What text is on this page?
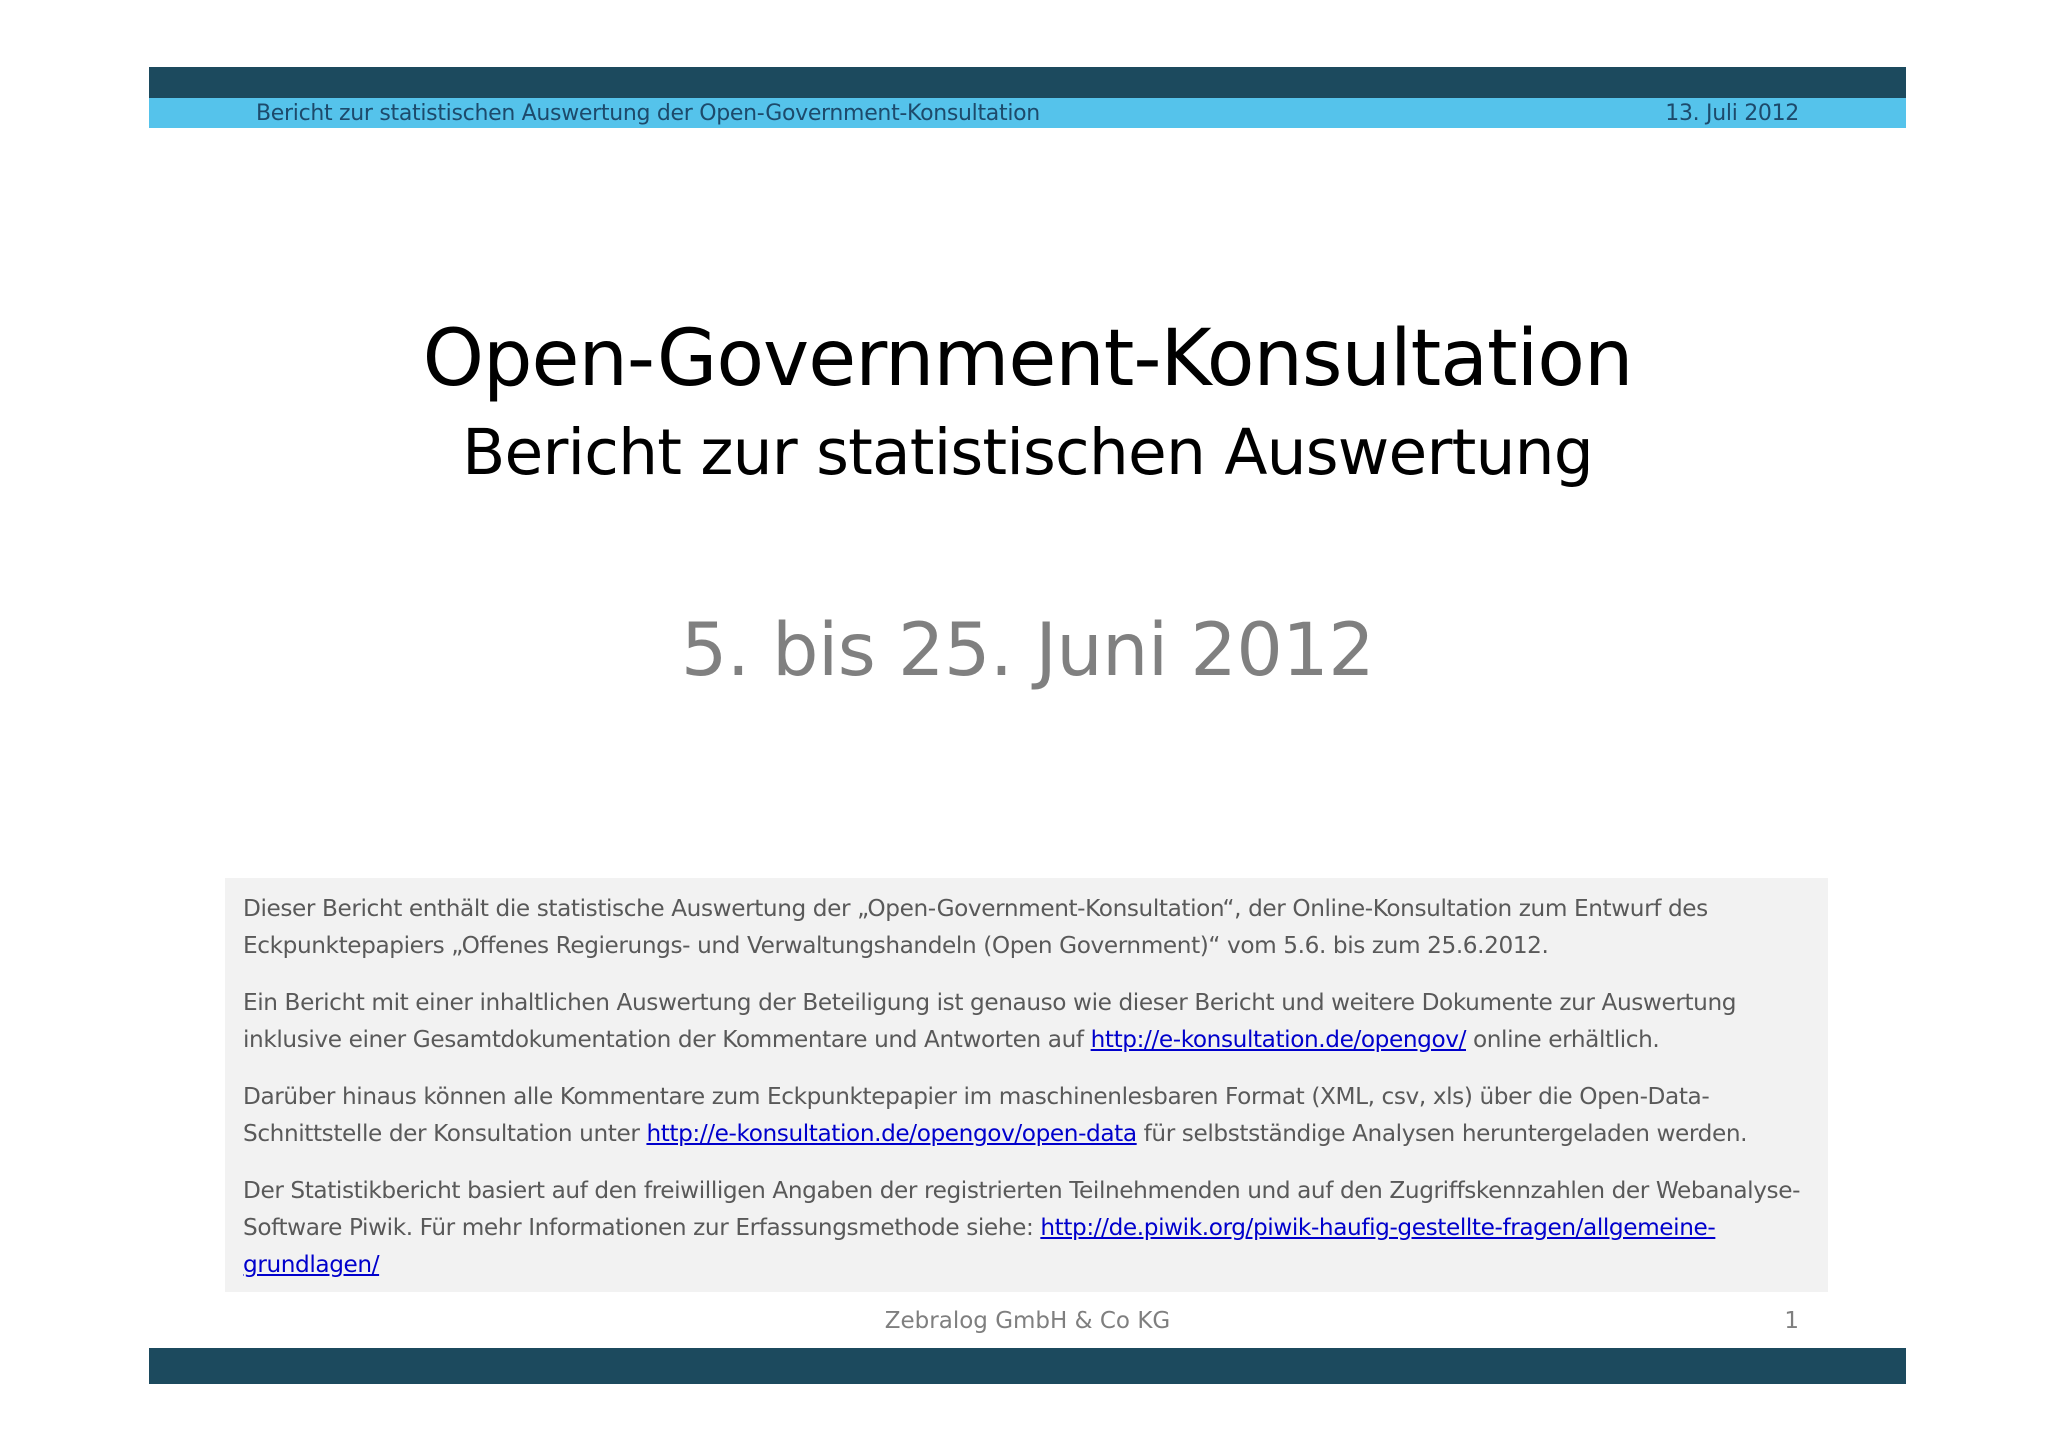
Bericht zur statistischen Auswertung der Open-Government-Konsultation	13. Juli 2012
Open-Government-Konsultation
Bericht zur statistischen Auswertung
5. bis 25. Juni 2012

Dieser Bericht enthält die statistische Auswertung der „Open-Government-Konsultation“, der Online-Konsultation zum Entwurf des Eckpunktepapiers „Offenes Regierungs- und Verwaltungshandeln (Open Government)“ vom 5.6. bis zum 25.6.2012.

Ein Bericht mit einer inhaltlichen Auswertung der Beteiligung ist genauso wie dieser Bericht und weitere Dokumente zur Auswertung inklusive einer Gesamtdokumentation der Kommentare und Antworten auf http://e-konsultation.de/opengov/ online erhältlich.

Darüber hinaus können alle Kommentare zum Eckpunktepapier im maschinenlesbaren Format (XML, csv, xls) über die Open-Data-Schnittstelle der Konsultation unter http://e-konsultation.de/opengov/open-data für selbstständige Analysen heruntergeladen werden.

Der Statistikbericht basiert auf den freiwilligen Angaben der registrierten Teilnehmenden und auf den Zugriffskennzahlen der Webanalyse-Software Piwik. Für mehr Informationen zur Erfassungsmethode siehe: http://de.piwik.org/piwik-haufig-gestellte-fragen/allgemeine-grundlagen/

Zebralog GmbH & Co KG	1
